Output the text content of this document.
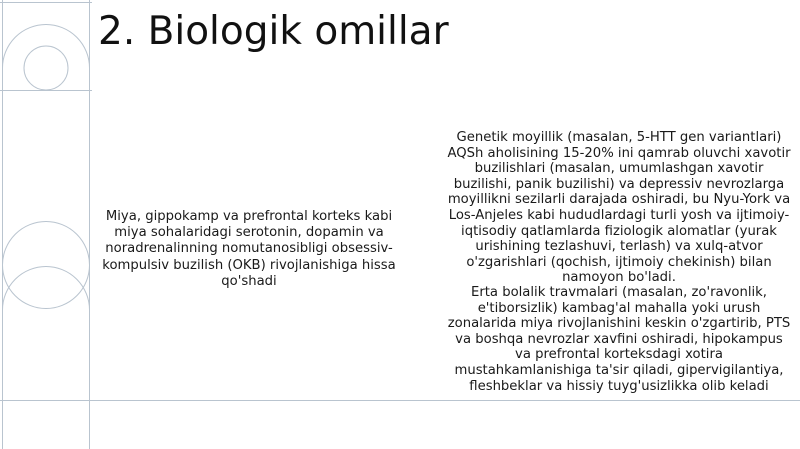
2. Biologik omillar

Miya, gippokamp va prefrontal korteks kabi miya sohalaridagi serotonin, dopamin va noradrenalinning nomutanosibligi obsessiv-kompulsiv buzilish (OKB) rivojlanishiga hissa qo'shadi

Genetik moyillik (masalan, 5-HTT gen variantlari) AQSh aholisining 15-20% ini qamrab oluvchi xavotir buzilishlari (masalan, umumlashgan xavotir buzilishi, panik buzilishi) va depressiv nevrozlarga moyillikni sezilarli darajada oshiradi, bu Nyu-York va Los-Anjeles kabi hududlardagi turli yosh va ijtimoiy-iqtisodiy qatlamlarda fiziologik alomatlar (yurak urishining tezlashuvi, terlash) va xulq-atvor o'zgarishlari (qochish, ijtimoiy chekinish) bilan namoyon bo'ladi.

Erta bolalik travmalari (masalan, zo'ravonlik, e'tiborsizlik) kambag'al mahalla yoki urush zonalarida miya rivojlanishini keskin o'zgartirib, PTS va boshqa nevrozlar xavfini oshiradi, hipokampus va prefrontal korteksdagi xotira mustahkamlanishiga ta'sir qiladi, gipervigilantiya, fleshbeklar va hissiy tuyg'usizlikka olib keladi
